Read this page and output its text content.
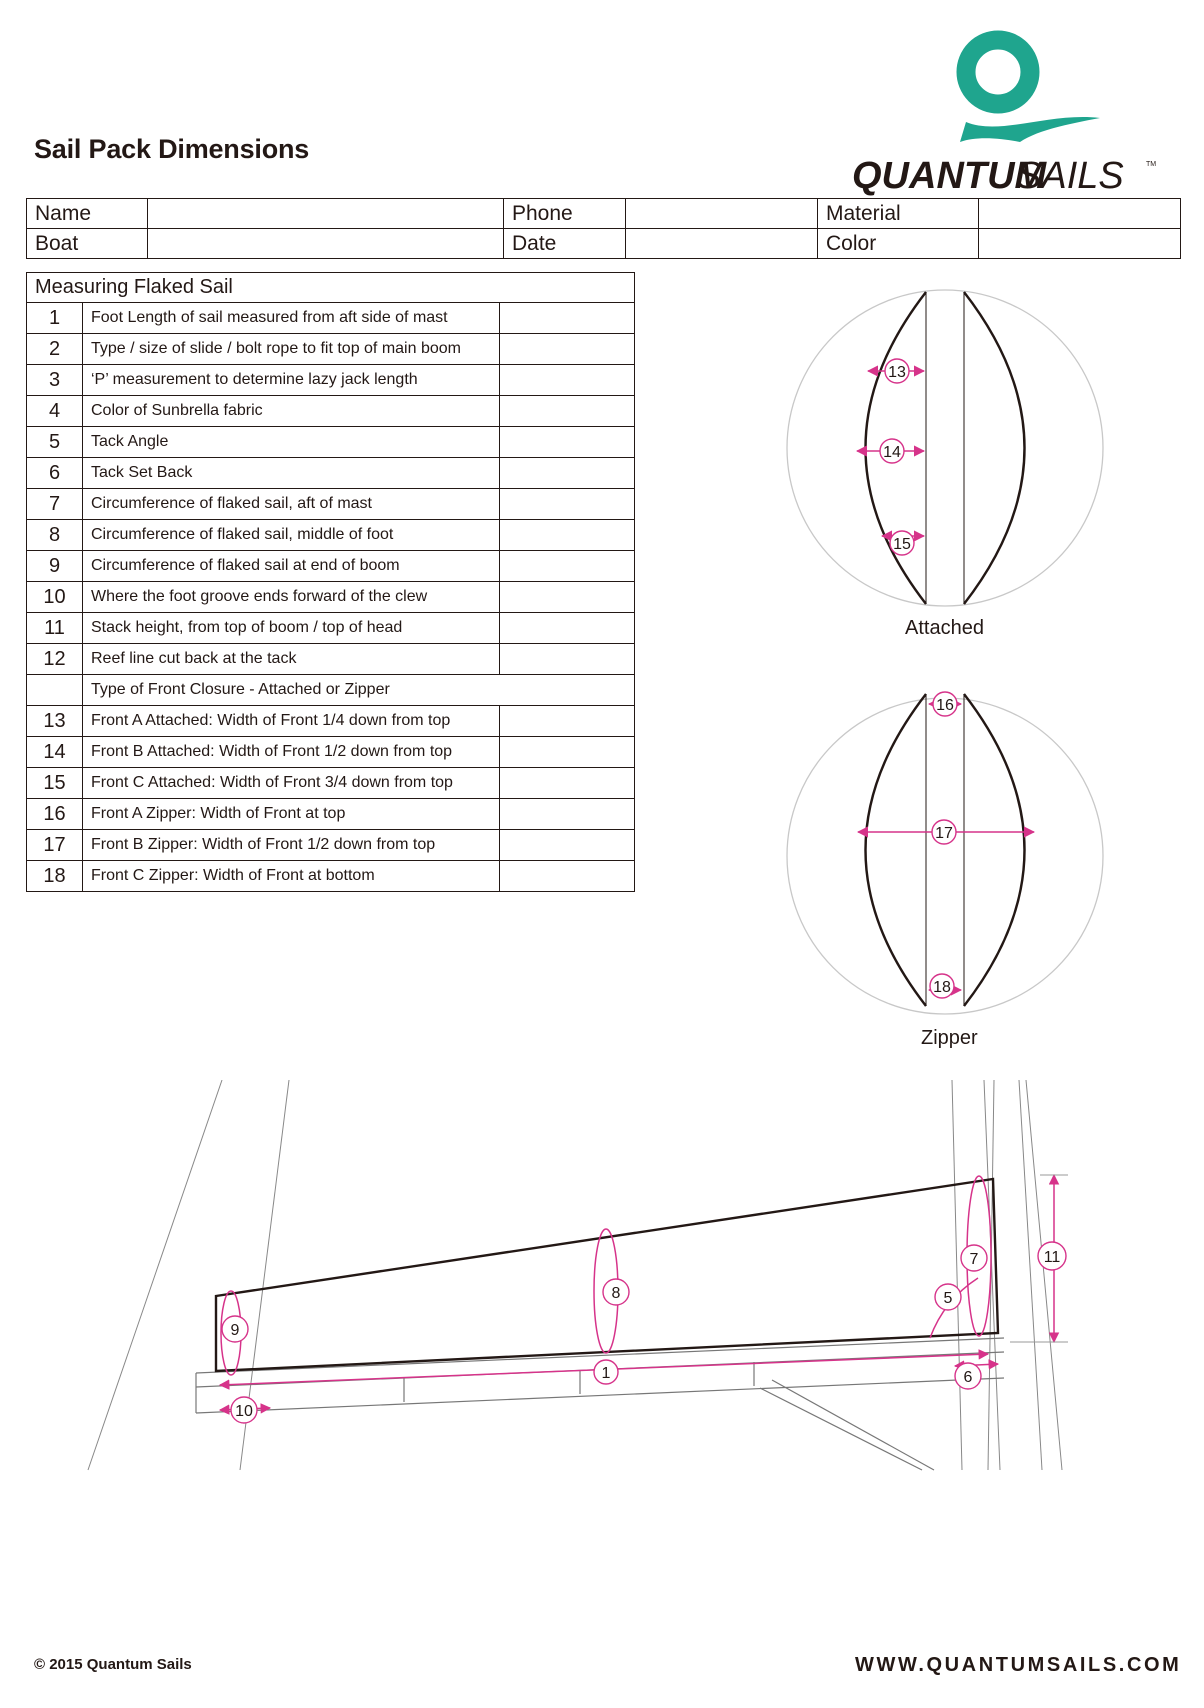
Sail Pack Dimensions
QUANTUM
SAILS	TM
Name		Phone		Material	
Boat		Date		Color	
Measuring Flaked Sail		
1	Foot Length of sail measured from aft side of mast	
2	Type / size of slide / bolt rope to fit top of main boom	
3	‘P’ measurement to determine lazy jack length	
4	Color of Sunbrella fabric	
5	Tack Angle	
6	Tack Set Back	
7	Circumference of flaked sail, aft of mast	
8	Circumference of flaked sail, middle of foot	
9	Circumference of flaked sail at end of boom	
10	Where the foot groove ends forward of the clew	
11	Stack height, from top of boom / top of head	
12	Reef line cut back at the tack	
	Type of Front Closure - Attached or Zipper	
13	Front A Attached: Width of Front 1/4 down from top	
14	Front B Attached: Width of Front 1/2 down from top	
15	Front C Attached: Width of Front 3/4 down from top	
16	Front A Zipper: Width of Front at top	
17	Front B Zipper: Width of Front 1/2 down from top	
18	Front C Zipper: Width of Front at bottom	
13
14
15
Attached
16
17
18
Zipper
1
5
6
7
8
9
10
11
© 2015 Quantum Sails	WWW.QUANTUMSAILS.COM
